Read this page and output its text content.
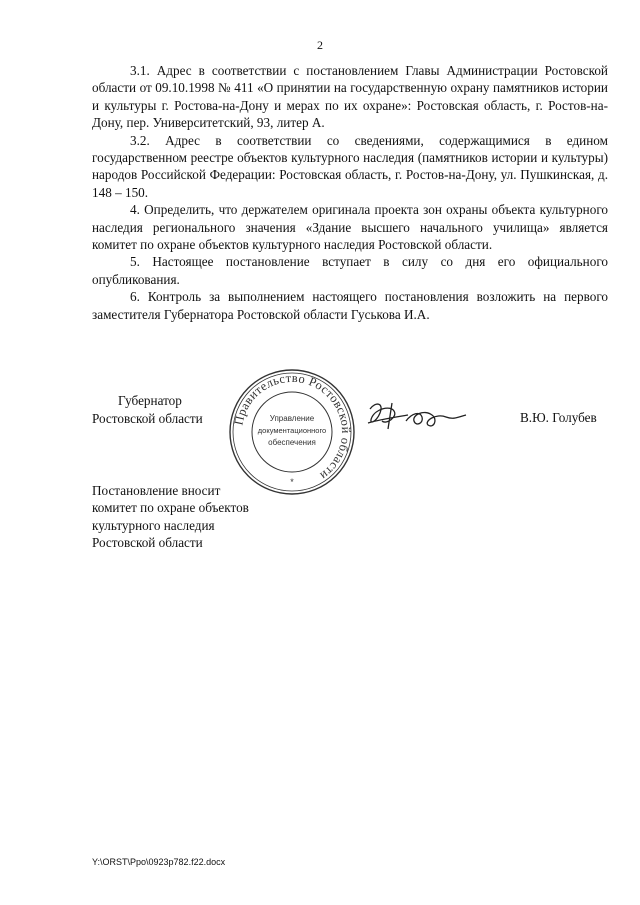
2

3.1. Адрес в соответствии с постановлением Главы Администрации Ростовской области от 09.10.1998 № 411 «О принятии на государственную охрану памятников истории и культуры г. Ростова-на-Дону и мерах по их охране»: Ростовская область, г. Ростов-на-Дону, пер. Университетский, 93, литер А.

3.2. Адрес в соответствии со сведениями, содержащимися в едином государственном реестре объектов культурного наследия (памятников истории и культуры) народов Российской Федерации: Ростовская область, г. Ростов-на-Дону, ул. Пушкинская, д. 148 – 150.

4. Определить, что держателем оригинала проекта зон охраны объекта культурного наследия регионального значения «Здание высшего начального училища» является комитет по охране объектов культурного наследия Ростовской области.

5. Настоящее постановление вступает в силу со дня его официального опубликования.

6. Контроль за выполнением настоящего постановления возложить на первого заместителя Губернатора Ростовской области Гуськова И.А.

Губернатор
Ростовской области Правительство Ростовской области
Управление
документационного
обеспечения
*
В.Ю. Голубев
Постановление вносит
комитет по охране объектов
культурного наследия
Ростовской области
Y:\ORST\Ppo\0923p782.f22.docx
